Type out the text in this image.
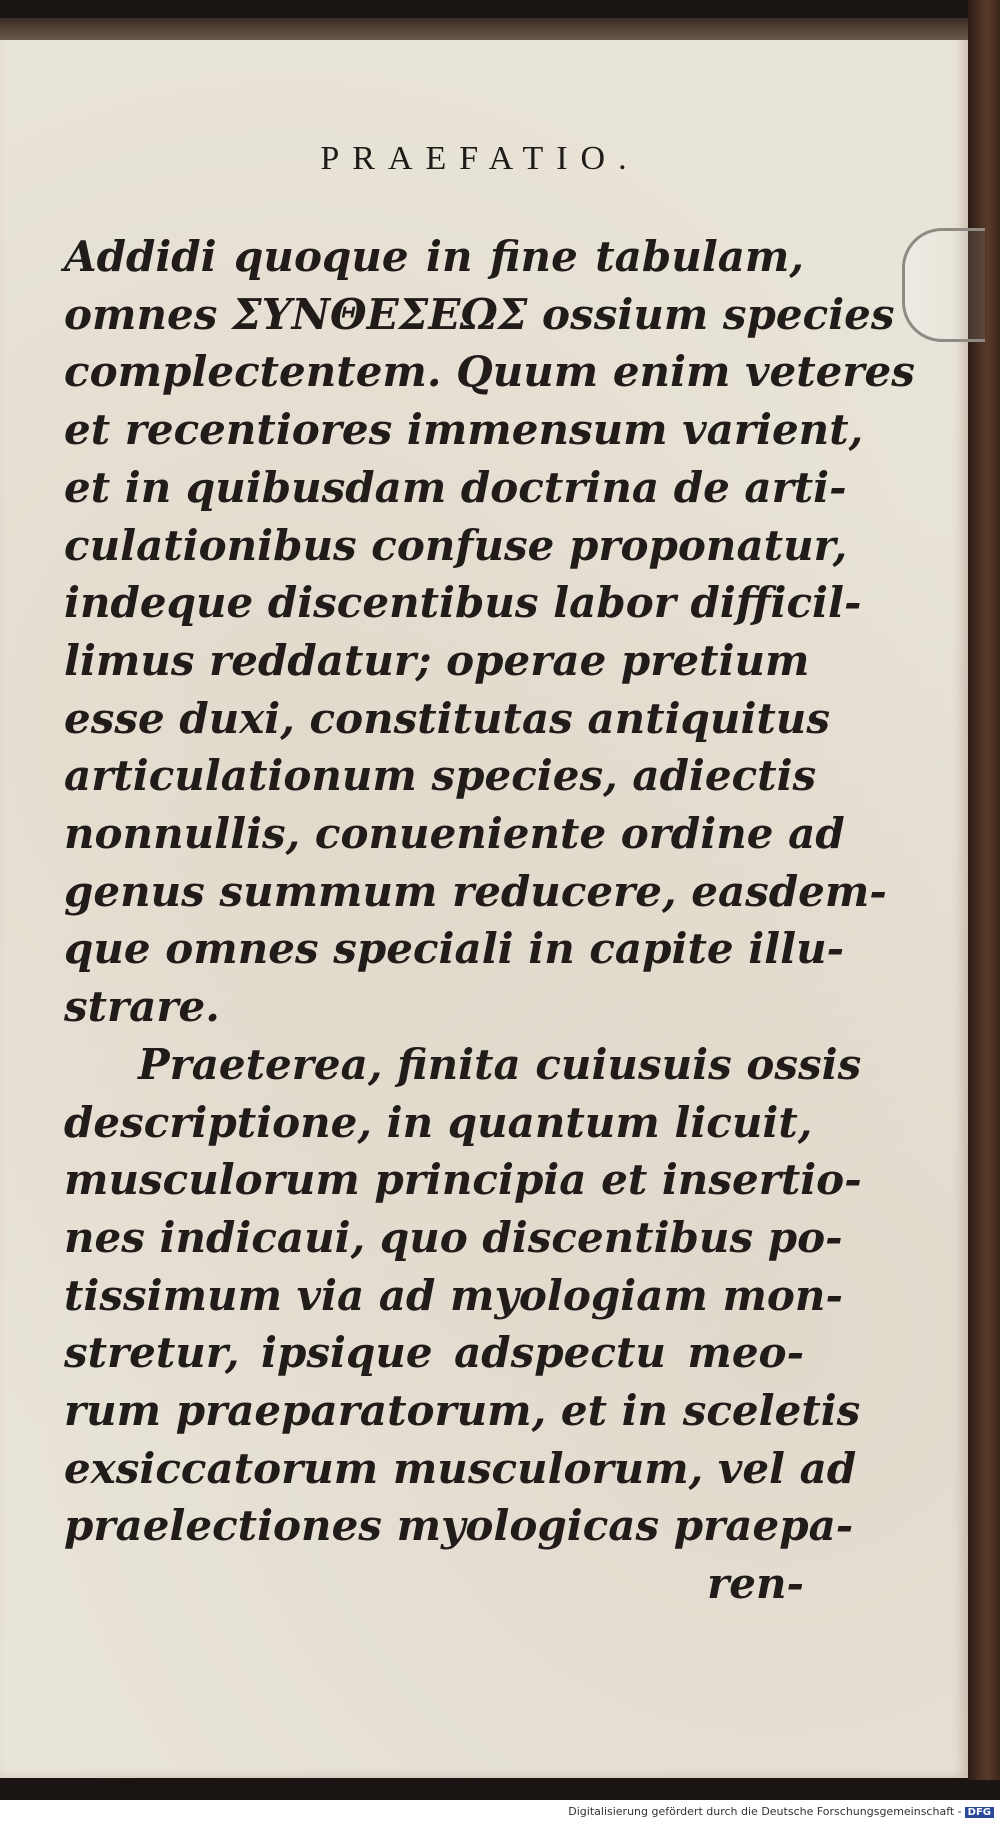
PRAEFATIO.
Addidi quoque in fine tabulam,
omnes ΣΥΝΘΕΣΕΩΣ ossium species
complectentem. Quum enim veteres
et recentiores immensum varient,
et in quibusdam doctrina de arti-
culationibus confuse proponatur,
indeque discentibus labor difficil-
limus reddatur; operae pretium
esse duxi, constitutas antiquitus
articulationum species, adiectis
nonnullis, conueniente ordine ad
genus summum reducere, easdem-
que omnes speciali in capite illu-
strare.
Praeterea, finita cuiusuis ossis
descriptione, in quantum licuit,
musculorum principia et insertio-
nes indicaui, quo discentibus po-
tissimum via ad myologiam mon-
stretur, ipsique adspectu meo-
rum praeparatorum, et in sceletis
exsiccatorum musculorum, vel ad
praelectiones myologicas praepa-
ren-
Digitalisierung gefördert durch die Deutsche Forschungsgemeinschaft - DFG
